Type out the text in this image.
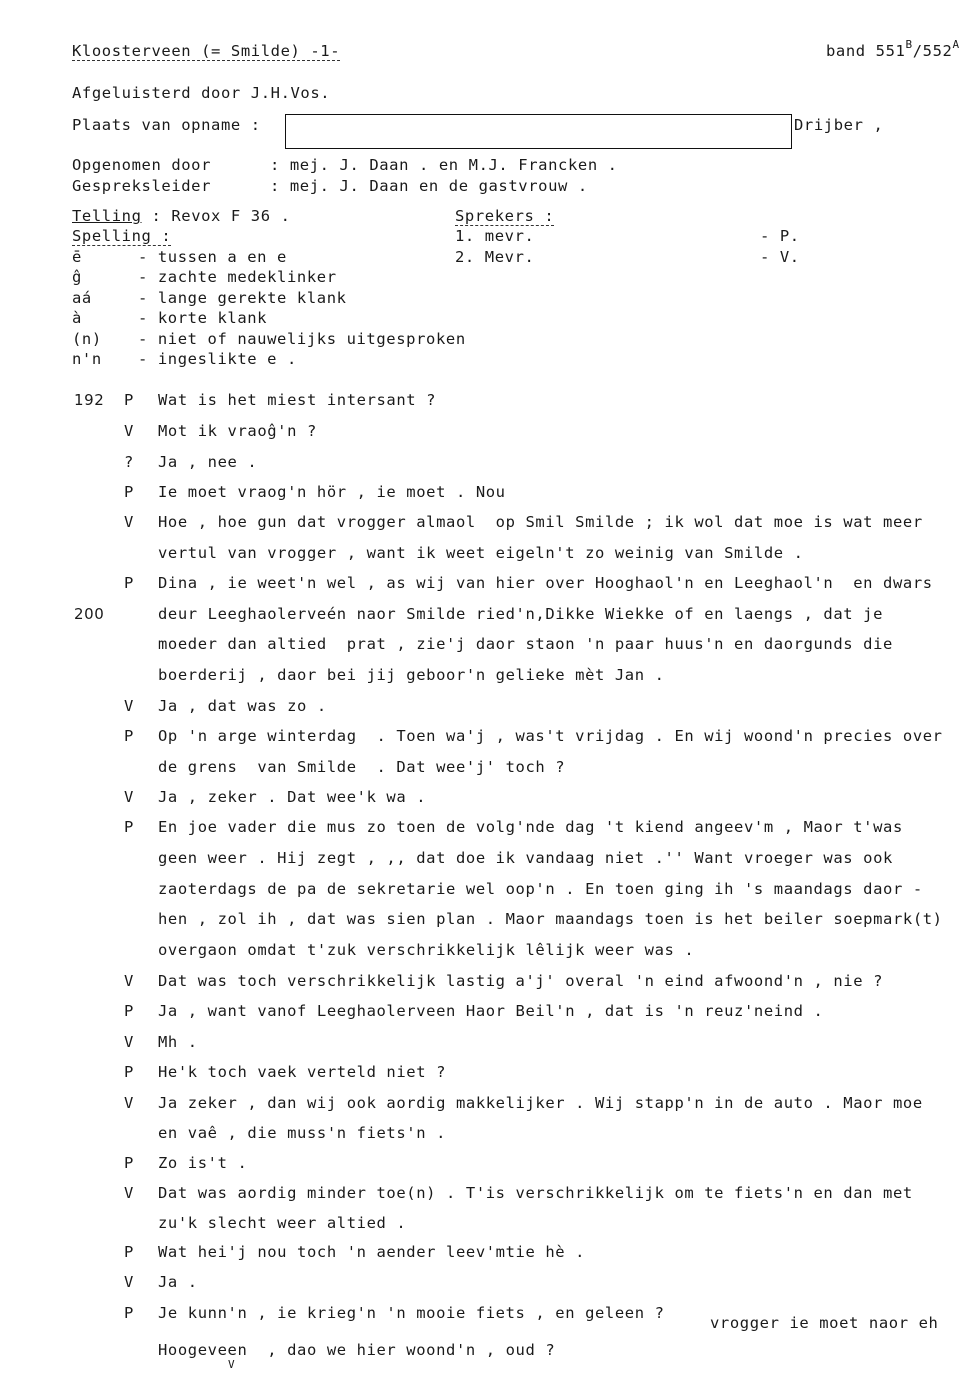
Kloosterveen (= Smilde) -1-	band $551^B/552^A$
Afgeluisterd door J.H.Vos.
Plaats van opname :	Drijber ,
Opgenomen door	: mej. J. Daan . en M.J. Francken .
Gespreksleider	: mej. J. Daan en de gastvrouw .
Telling : Revox F 36 .	Sprekers :
1. mevr.	- P.
2. Mevr.	- V.
Spelling :
ē	- tussen a en e
ĝ	- zachte medeklinker
aá	- lange gerekte klank
à	- korte klank
(n)	- niet of nauwelijks uitgesproken
n'n	- ingeslikte e .
192 P	Wat is het miest intersant ?
V	Mot ik vraoĝ'n ?
?	Ja , nee .
P	Ie moet vraog'n hör , ie moet . Nou
V	Hoe , hoe gun dat vrogger almaol  op Smil Smilde ; ik wol dat moe is wat meer
vertul van vrogger , want ik weet eigeln't zo weinig van Smilde .
P	Dina , ie weet'n wel , as wij van hier over Hooghaol'n en Leeghaol'n  en dwars
200	deur Leeghaolerveén naor Smilde ried'n,Dikke Wiekke of en laengs , dat je
moeder dan altied  prat , zie'j daor staon 'n paar huus'n en daorgunds die
boerderij , daor bei jij geboor'n gelieke mèt Jan .
V	Ja , dat was zo .
P	Op 'n arge winterdag  . Toen wa'j , was't vrijdag . En wij woond'n precies over
de grens  van Smilde  . Dat wee'j' toch ?
V	Ja , zeker . Dat wee'k wa .
P	En joe vader die mus zo toen de volg'nde dag 't kiend angeev'm , Maor t'was
geen weer . Hij zegt , ,, dat doe ik vandaag niet .'' Want vroeger was ook
zaoterdags de pa de sekretarie wel oop'n . En toen ging ih 's maandags daor -
hen , zol ih , dat was sien plan . Maor maandags toen is het beiler soepmark(t)
overgaon omdat t'zuk verschrikkelijk lêlijk weer was .
V	Dat was toch verschrikkelijk lastig a'j' overal 'n eind afwoond'n , nie ?
P	Ja , want vanof Leeghaolerveen Haor Beil'n , dat is 'n reuz'neind .
V	Mh .
P	He'k toch vaek verteld niet ?
V	Ja zeker , dan wij ook aordig makkelijker . Wij stapp'n in de auto . Maor moe
en vaê , die muss'n fiets'n .
P	Zo is't .
V	Dat was aordig minder toe(n) . T'is verschrikkelijk om te fiets'n en dan met
zu'k slecht weer altied .
P	Wat hei'j nou toch 'n aender leev'mtie hè .
V	Ja .
P	Je kunn'n , ie krieg'n 'n mooie fiets , en geleen ?
Hoogeveen  , dao we hier woond'n , oud ?
V
vrogger ie moet naor eh
